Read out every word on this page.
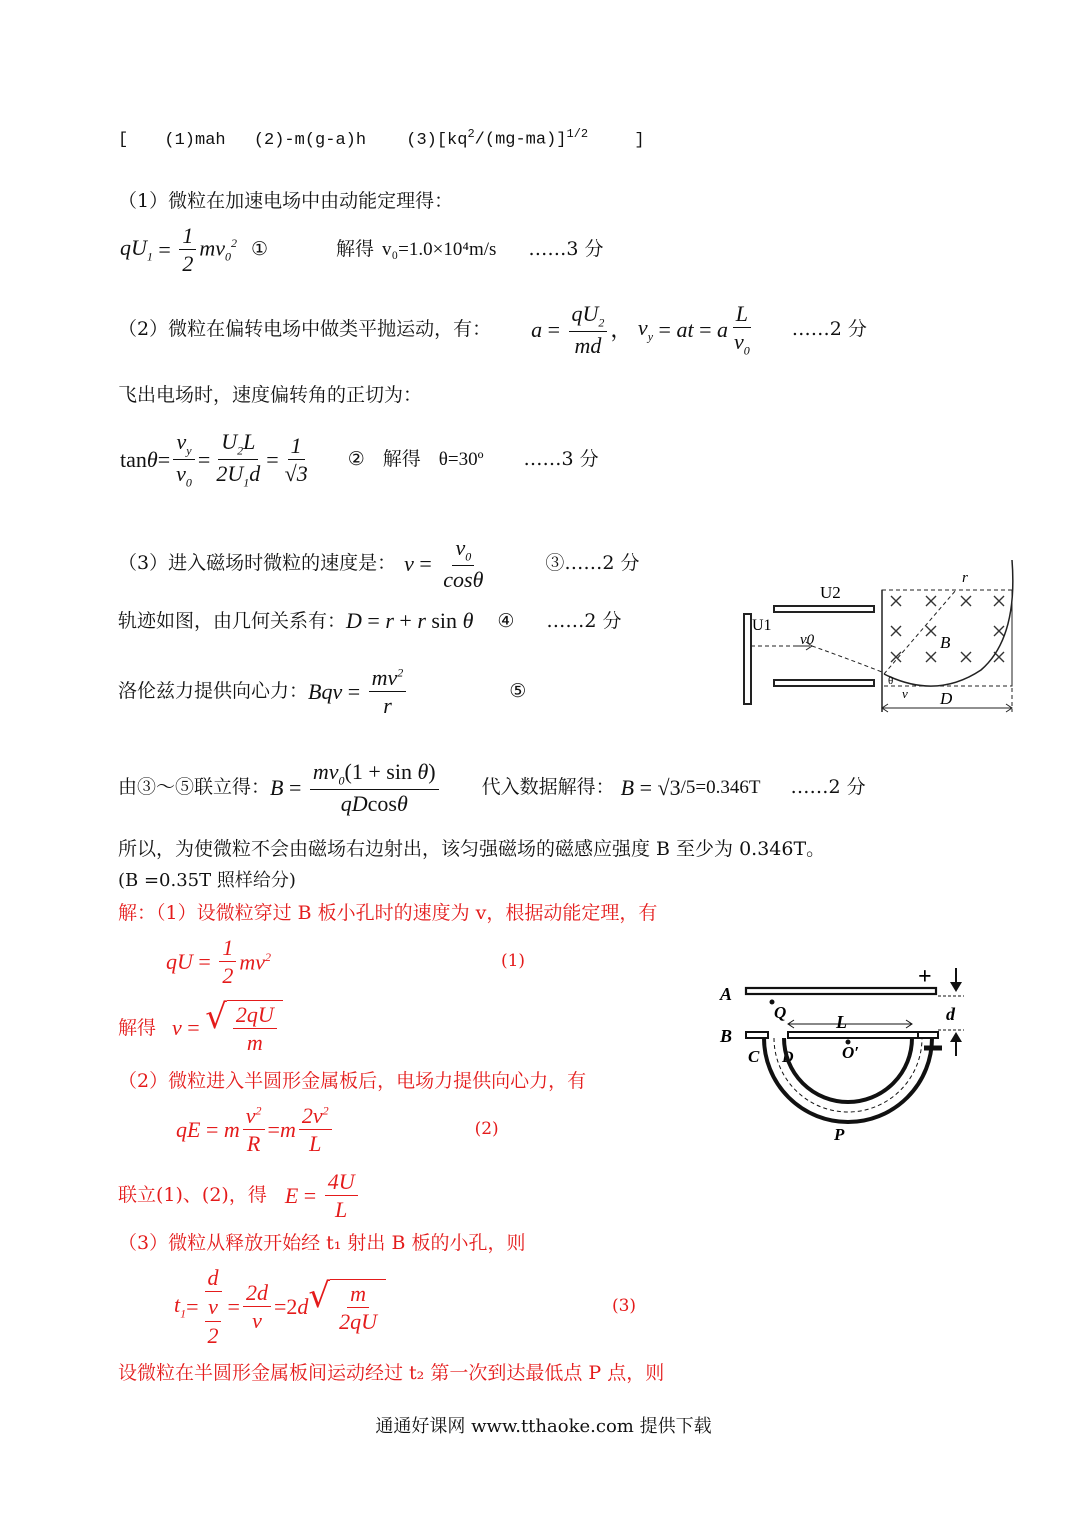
[ (1)mah (2)-m(g-a)h $(3)[kq^2/(mg-ma)]^{1/2}$	]
（1）微粒在加速电场中由动能定理得：
$qU_1 = \frac{1}{2} mv_0^2$ ①	解得 v₀=1.0×10⁴m/s ……3 分
（2）微粒在偏转电场中做类平抛运动，有： $a = \frac{qU_2}{md}$ ， $v_y$ = at = a $\frac{L}{v_0}$ ……2 分
飞出电场时，速度偏转角的正切为：
$\tan \theta = \frac{v_y}{v_0} = \frac{U_2L}{2U_1d} = \frac{1}{√3}$ ② 解得 θ=30º ……3 分
（3）进入磁场时微粒的速度是： $v = \frac{v_0}{\cos\theta}$	③……2 分
轨迹如图，由几何关系有： D = r + r sin θ ④ ……2 分
洛伦兹力提供向心力： Bqv = $\frac{mv^2}{r}$	⑤
由③～⑤联立得： $B = \frac{mv_0(1 + \sin \theta)}{qDcos\theta}$ 代入数据解得： B = √3 /5=0.346T ……2 分
所以，为使微粒不会由磁场右边射出，该匀强磁场的磁感应强度 B 至少为 0.346T。
(B =0.35T 照样给分)
U2
U1
v0	B
r
θ
v D
解：（1）设微粒穿过 B 板小孔时的速度为 v，根据动能定理，有
qU = $\frac{1}{2} mv^2$	(1)
解得 v = √ $\frac{2qU}{m}$
（2）微粒进入半圆形金属板后，电场力提供向心力，有
qE = m $\frac{v^2}{R} = m \frac{2v^2}{L}$	(2)
联立(1)、(2)，得 $E = \frac{4U}{L}$
（3）微粒从释放开始经 t₁ 射出 B 板的小孔，则
$t_1 = \frac{d}{\frac{v}{2}} = \frac{2d}{v} = 2$ d √ $\frac{m}{2qU}$	(3)
设微粒在半圆形金属板间运动经过 t₂ 第一次到达最低点 P 点，则
A
+
d
B
Q	L
C D	O′
P
通通好课网 www.tthaoke.com 提供下载
